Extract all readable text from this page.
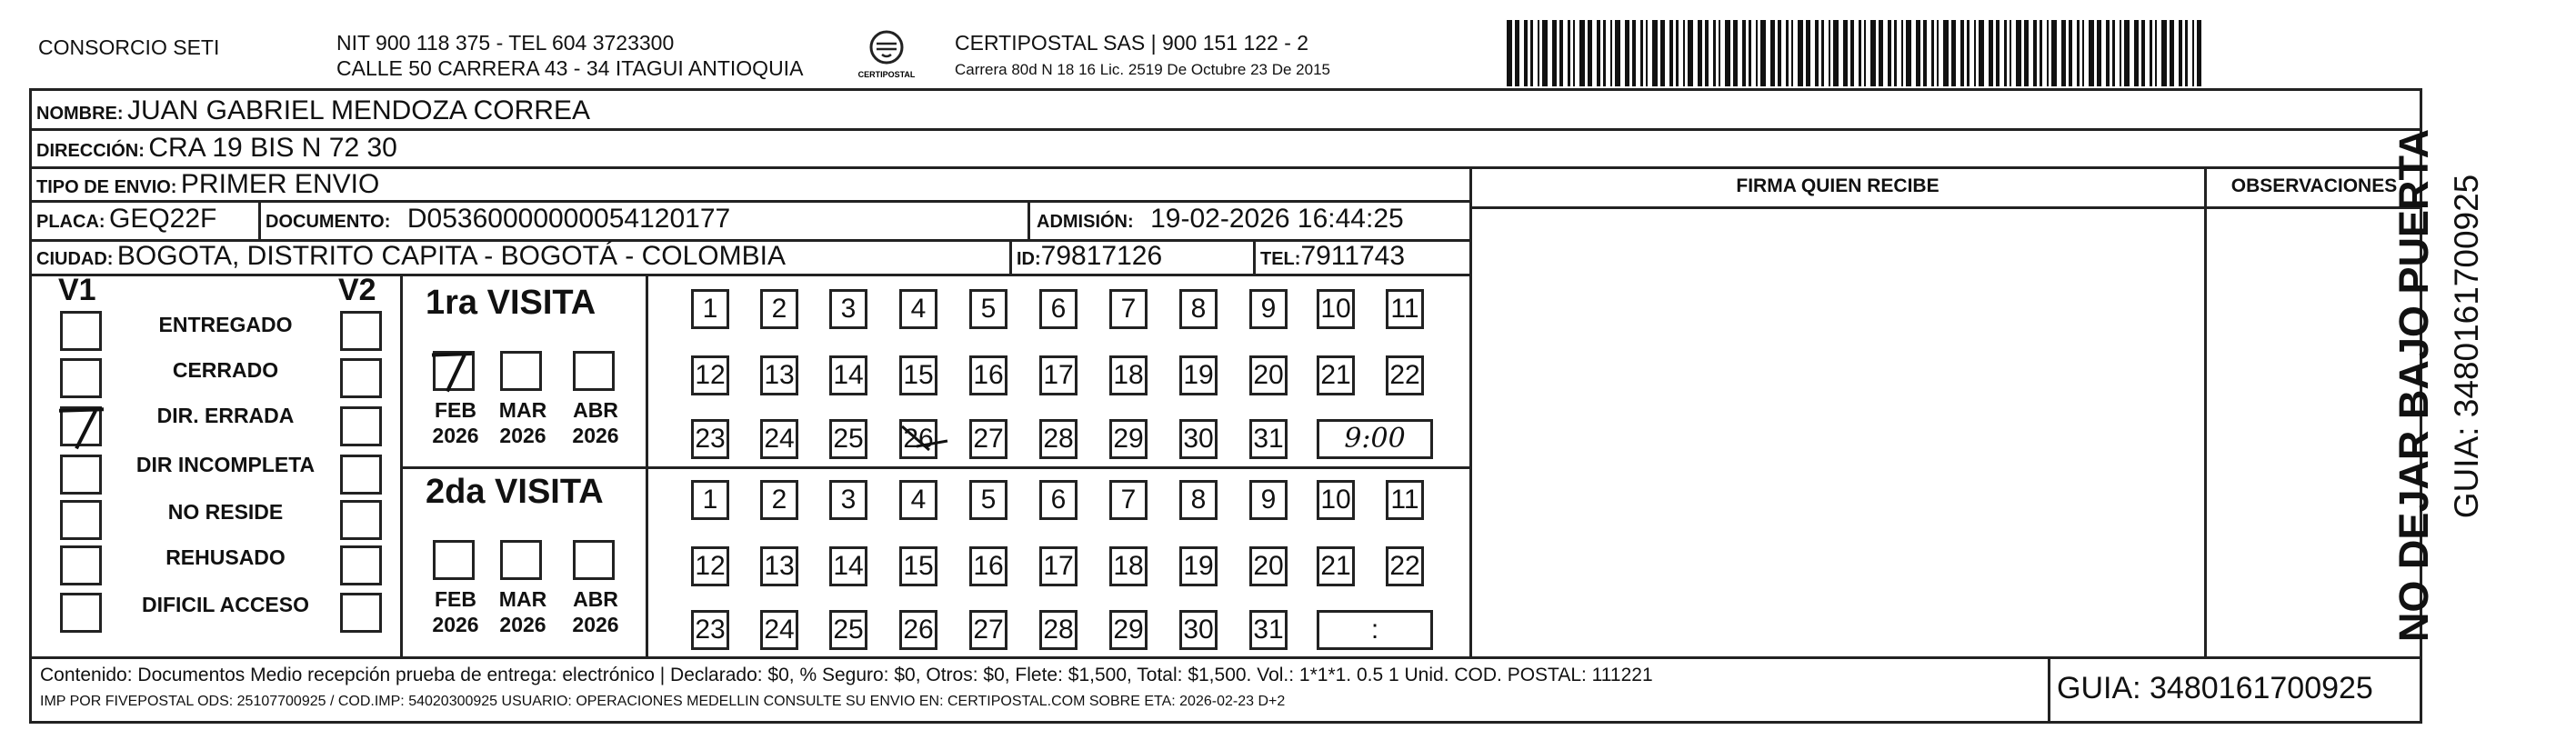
CONSORCIO SETI	NIT 900 118 375 - TEL 604 3723300
CALLE 50 CARRERA 43 - 34 ITAGUI ANTIOQUIA	CERTIPOSTAL
CERTIPOSTAL SAS | 900 151 122 - 2
Carrera 80d N 18 16 Lic. 2519 De Octubre 23 De 2015
NOMBRE: JUAN GABRIEL MENDOZA CORREA
DIRECCIÓN: CRA 19 BIS N 72 30
TIPO DE ENVIO: PRIMER ENVIO
PLACA: GEQ22F	DOCUMENTO: D05360000000054120177	ADMISIÓN: 19-02-2026 16:44:25
CIUDAD: BOGOTA, DISTRITO CAPITA - BOGOTÁ - COLOMBIA	ID:79817126	TEL:7911743
FIRMA QUIEN RECIBE	OBSERVACIONES
V1	V2
ENTREGADO
CERRADO
DIR. ERRADA
DIR INCOMPLETA
NO RESIDE
REHUSADO
DIFICIL ACCESO
1ra VISITA
2da VISITA
1	2	3	4	5	6	7	8	9	10 11
12 13 14 15 16 17 18 19 20 21 22
23 24 25 26 27 28 29 30 31	9:00
1	2	3	4	5	6	7	8	9	10 11
12 13 14 15 16 17 18 19 20 21 22
23 24 25 26 27 28 29 30 31	:
FEB
2026
MAR
2026
ABR
2026
FEB
2026
MAR
2026
ABR
2026	NO DEJAR BAJO PUERTA GUIA: 3480161700925
Contenido: Documentos Medio recepción prueba de entrega: electrónico | Declarado: $0, % Seguro: $0, Otros: $0, Flete: $1,500, Total: $1,500. Vol.: 1*1*1. 0.5 1 Unid. COD. POSTAL: 111221
IMP POR FIVEPOSTAL ODS: 25107700925 / COD.IMP: 54020300925 USUARIO: OPERACIONES MEDELLIN CONSULTE SU ENVIO EN: CERTIPOSTAL.COM SOBRE ETA: 2026-02-23 D+2	GUIA: 3480161700925
